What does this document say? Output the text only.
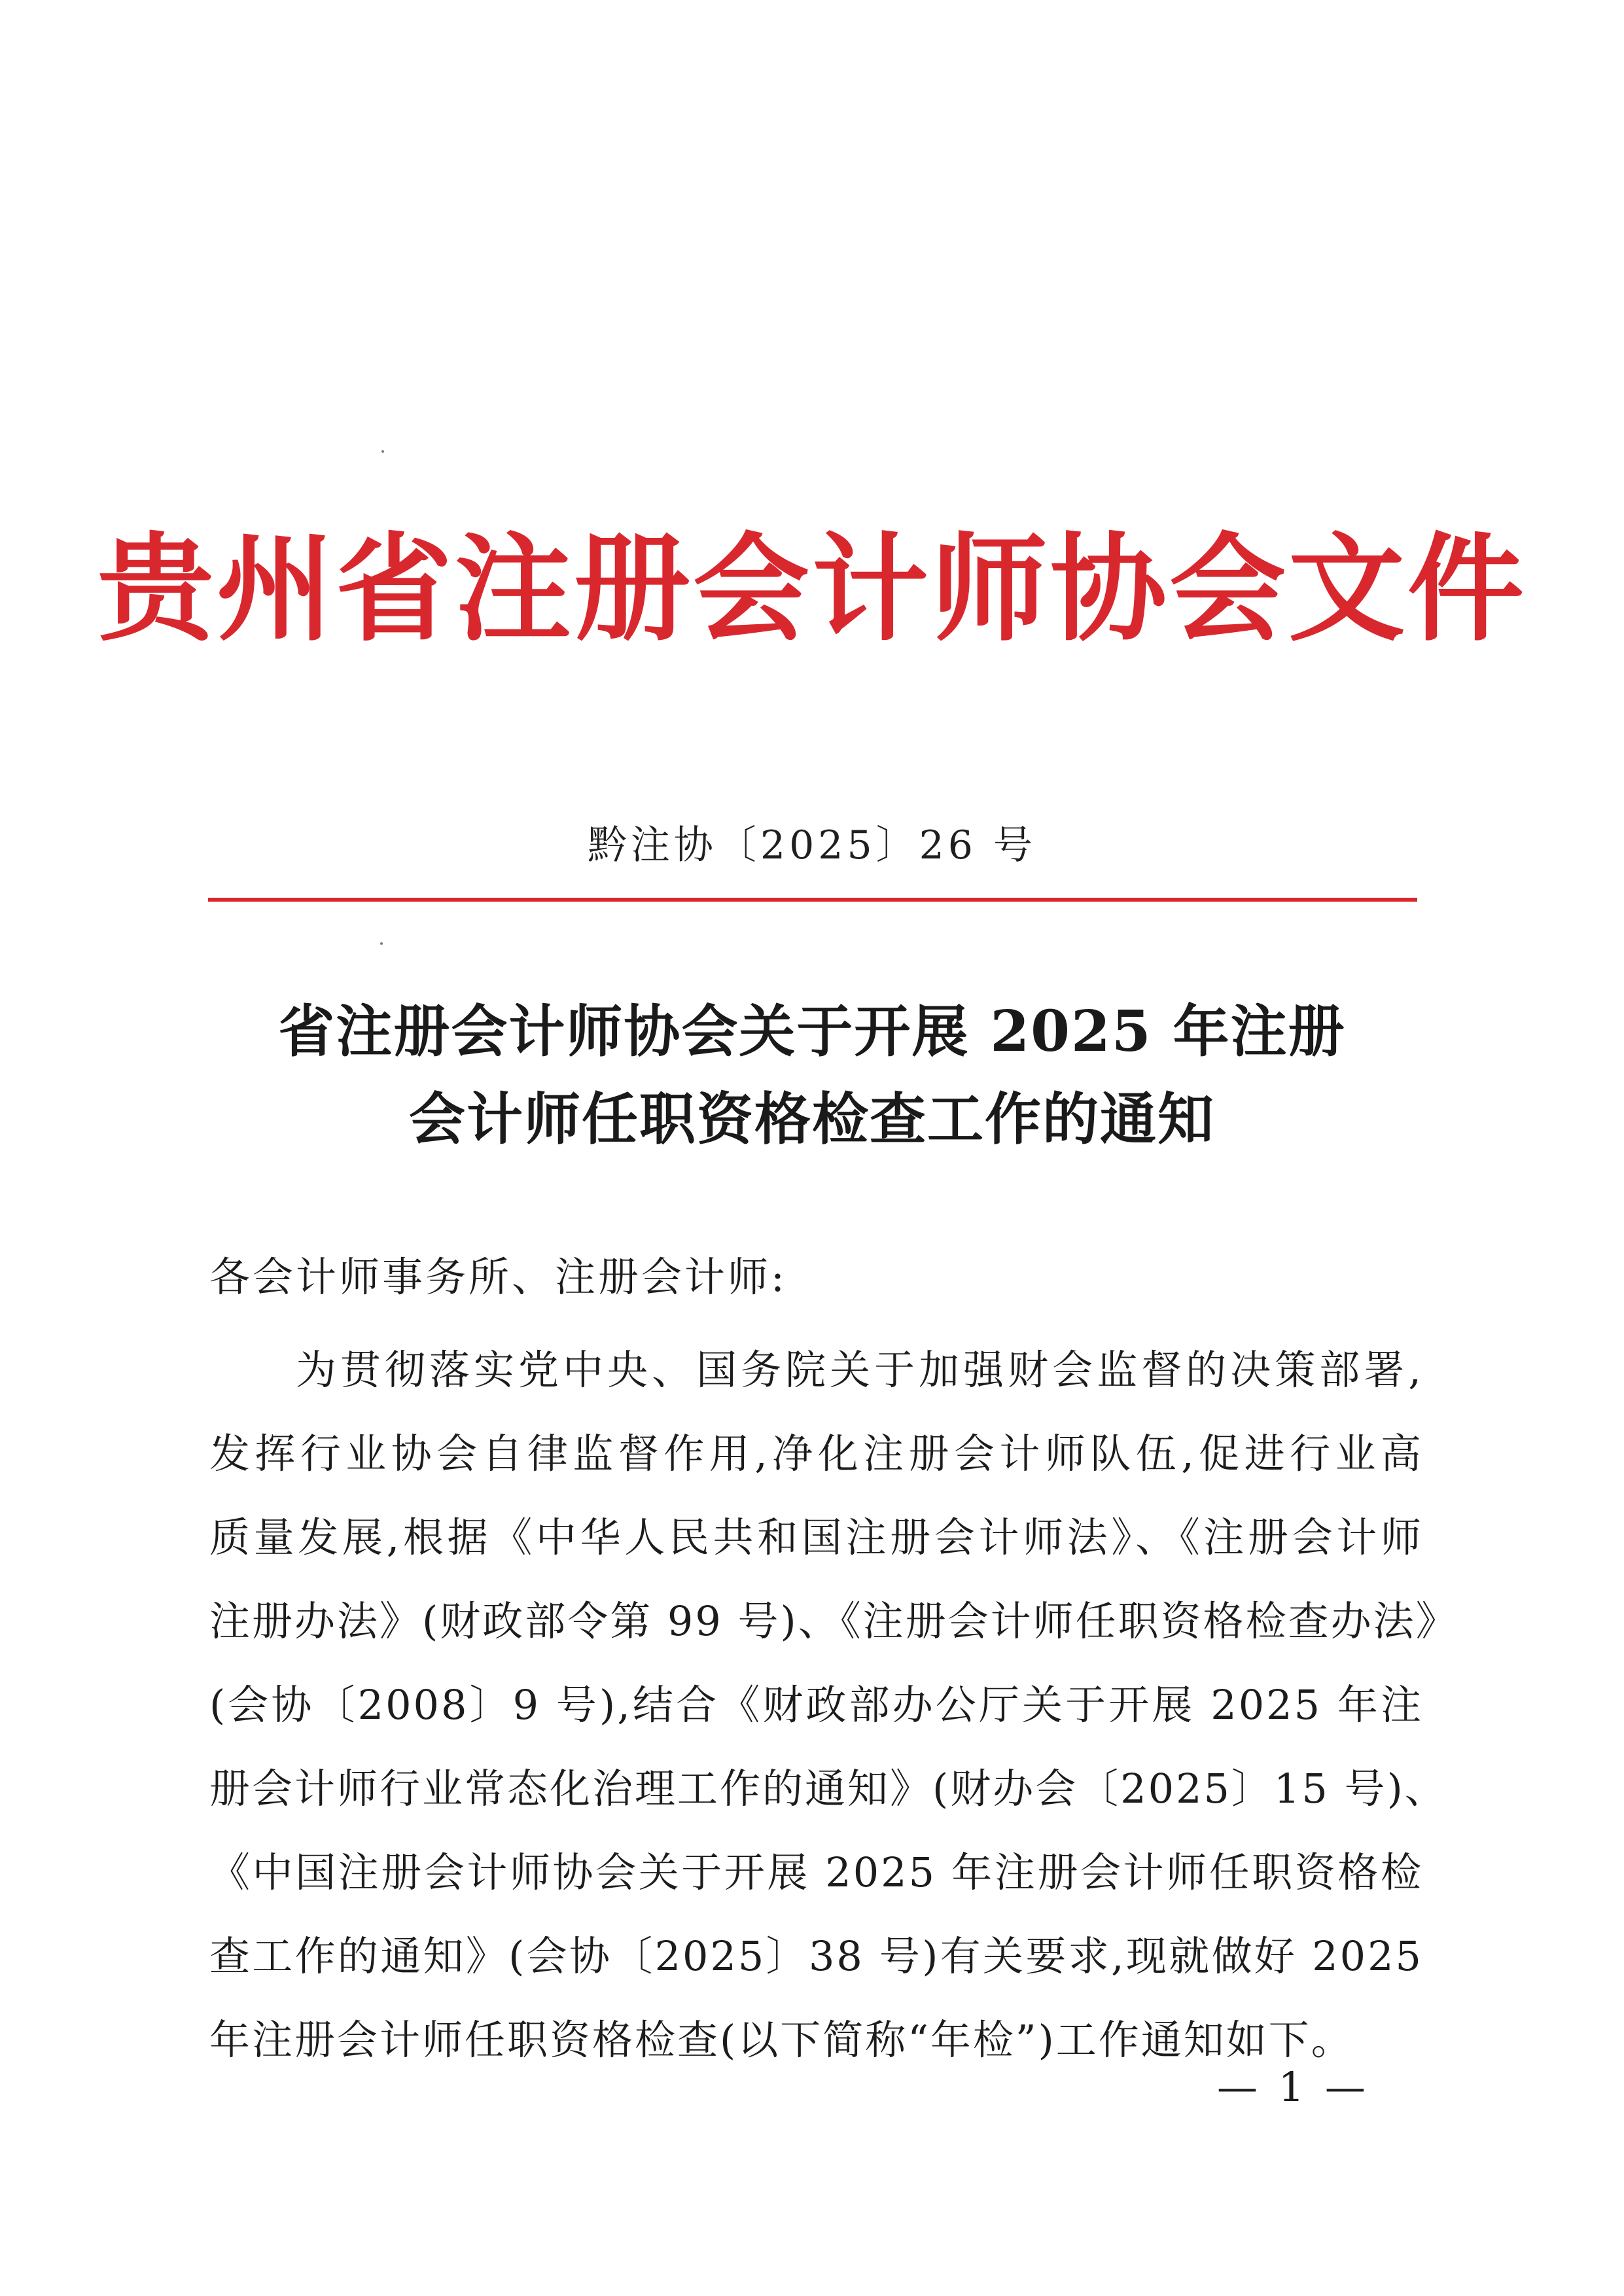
贵州省注册会计师协会文件
黔注协〔2025〕26 号
省注册会计师协会关于开展 2025 年注册
会计师任职资格检查工作的通知
各会计师事务所、注册会计师:
为贯彻落实党中央、国务院关于加强财会监督的决策部署,
发挥行业协会自律监督作用,净化注册会计师队伍,促进行业高
质量发展,根据《中华人民共和国注册会计师法》、《注册会计师
注册办法》(财政部令第 99 号)、《注册会计师任职资格检查办法》
(会协〔2008〕9 号),结合《财政部办公厅关于开展 2025 年注
册会计师行业常态化治理工作的通知》(财办会〔2025〕15 号)、
《中国注册会计师协会关于开展 2025 年注册会计师任职资格检
查工作的通知》(会协〔2025〕38 号)有关要求,现就做好 2025
年注册会计师任职资格检查(以下简称“年检”)工作通知如下。
— 1 —
